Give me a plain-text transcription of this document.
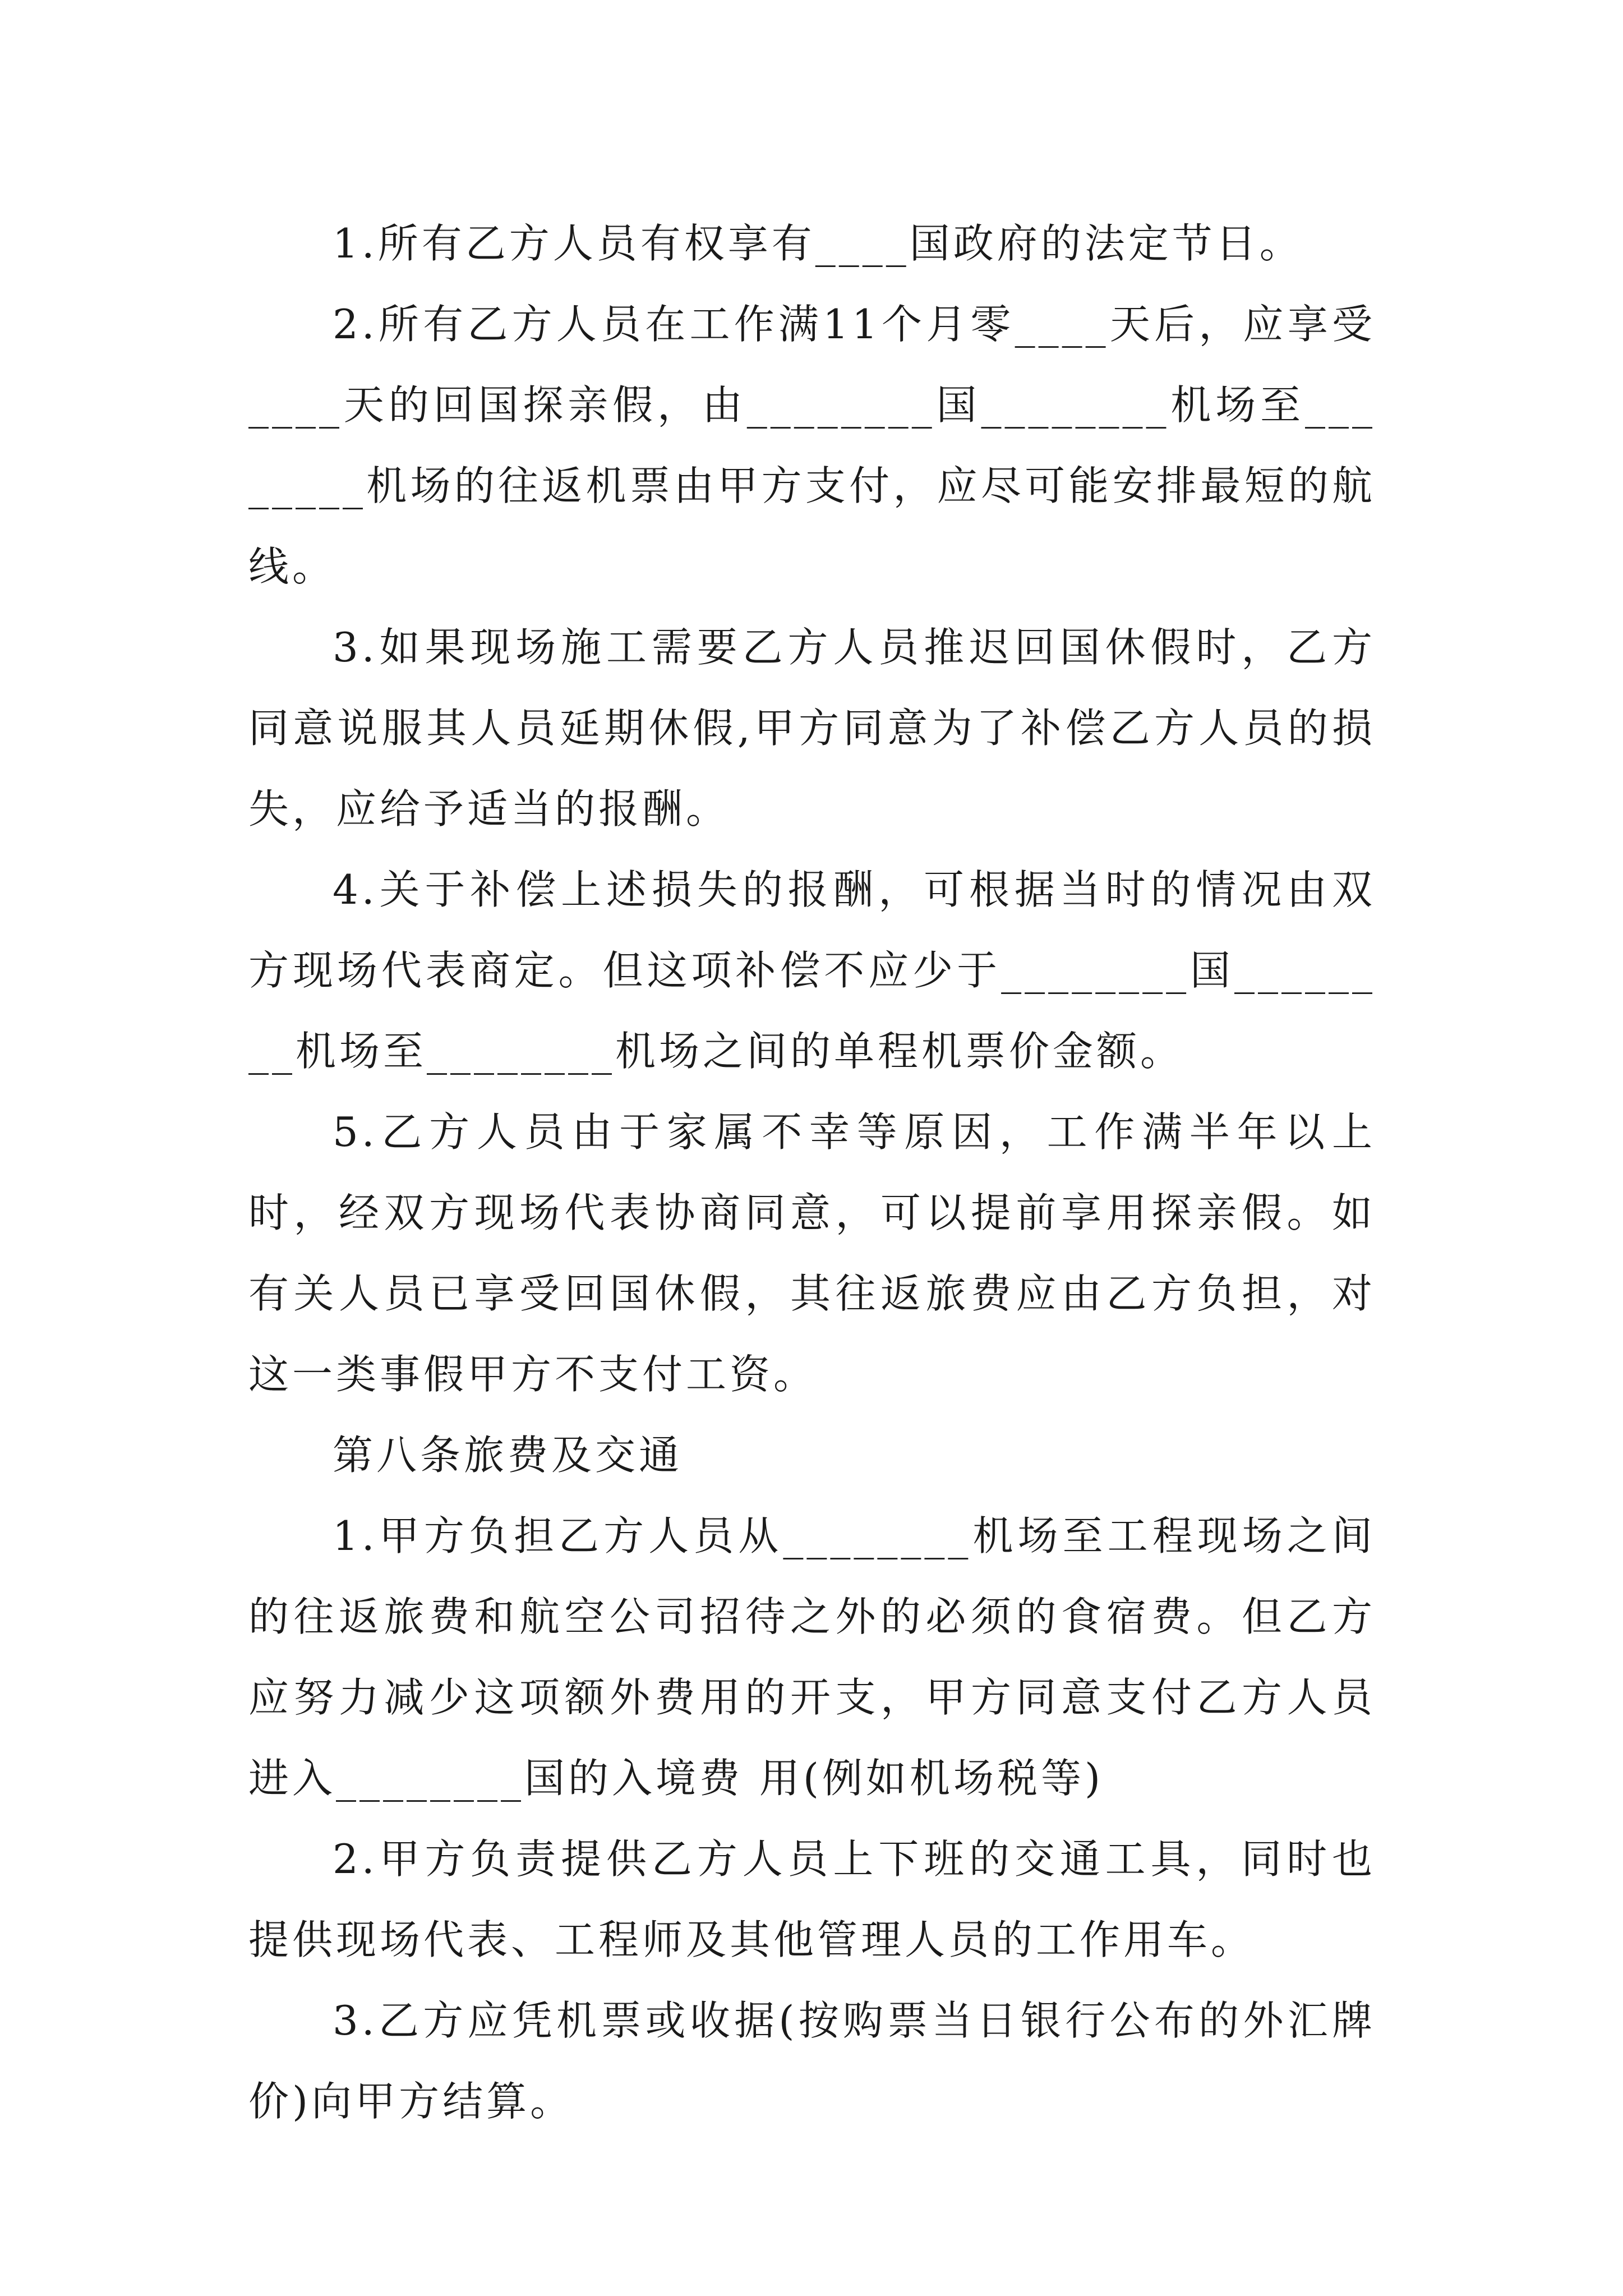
1.所有乙方人员有权享有____国政府的法定节日。

2.所有乙方人员在工作满11个月零____天后，应享受____天的回国探亲假，由________国________机场至________机场的往返机票由甲方支付，应尽可能安排最短的航线。

3.如果现场施工需要乙方人员推迟回国休假时，乙方同意说服其人员延期休假,甲方同意为了补偿乙方人员的损失，应给予适当的报酬。

4.关于补偿上述损失的报酬，可根据当时的情况由双方现场代表商定。但这项补偿不应少于________国________机场至________机场之间的单程机票价金额。

5.乙方人员由于家属不幸等原因，工作满半年以上时，经双方现场代表协商同意，可以提前享用探亲假。如有关人员已享受回国休假，其往返旅费应由乙方负担，对这一类事假甲方不支付工资。

第八条旅费及交通

1.甲方负担乙方人员从________机场至工程现场之间的往返旅费和航空公司招待之外的必须的食宿费。但乙方应努力减少这项额外费用的开支，甲方同意支付乙方人员进入________国的入境费 用(例如机场税等)

2.甲方负责提供乙方人员上下班的交通工具，同时也提供现场代表、工程师及其他管理人员的工作用车。

3.乙方应凭机票或收据(按购票当日银行公布的外汇牌价)向甲方结算。
